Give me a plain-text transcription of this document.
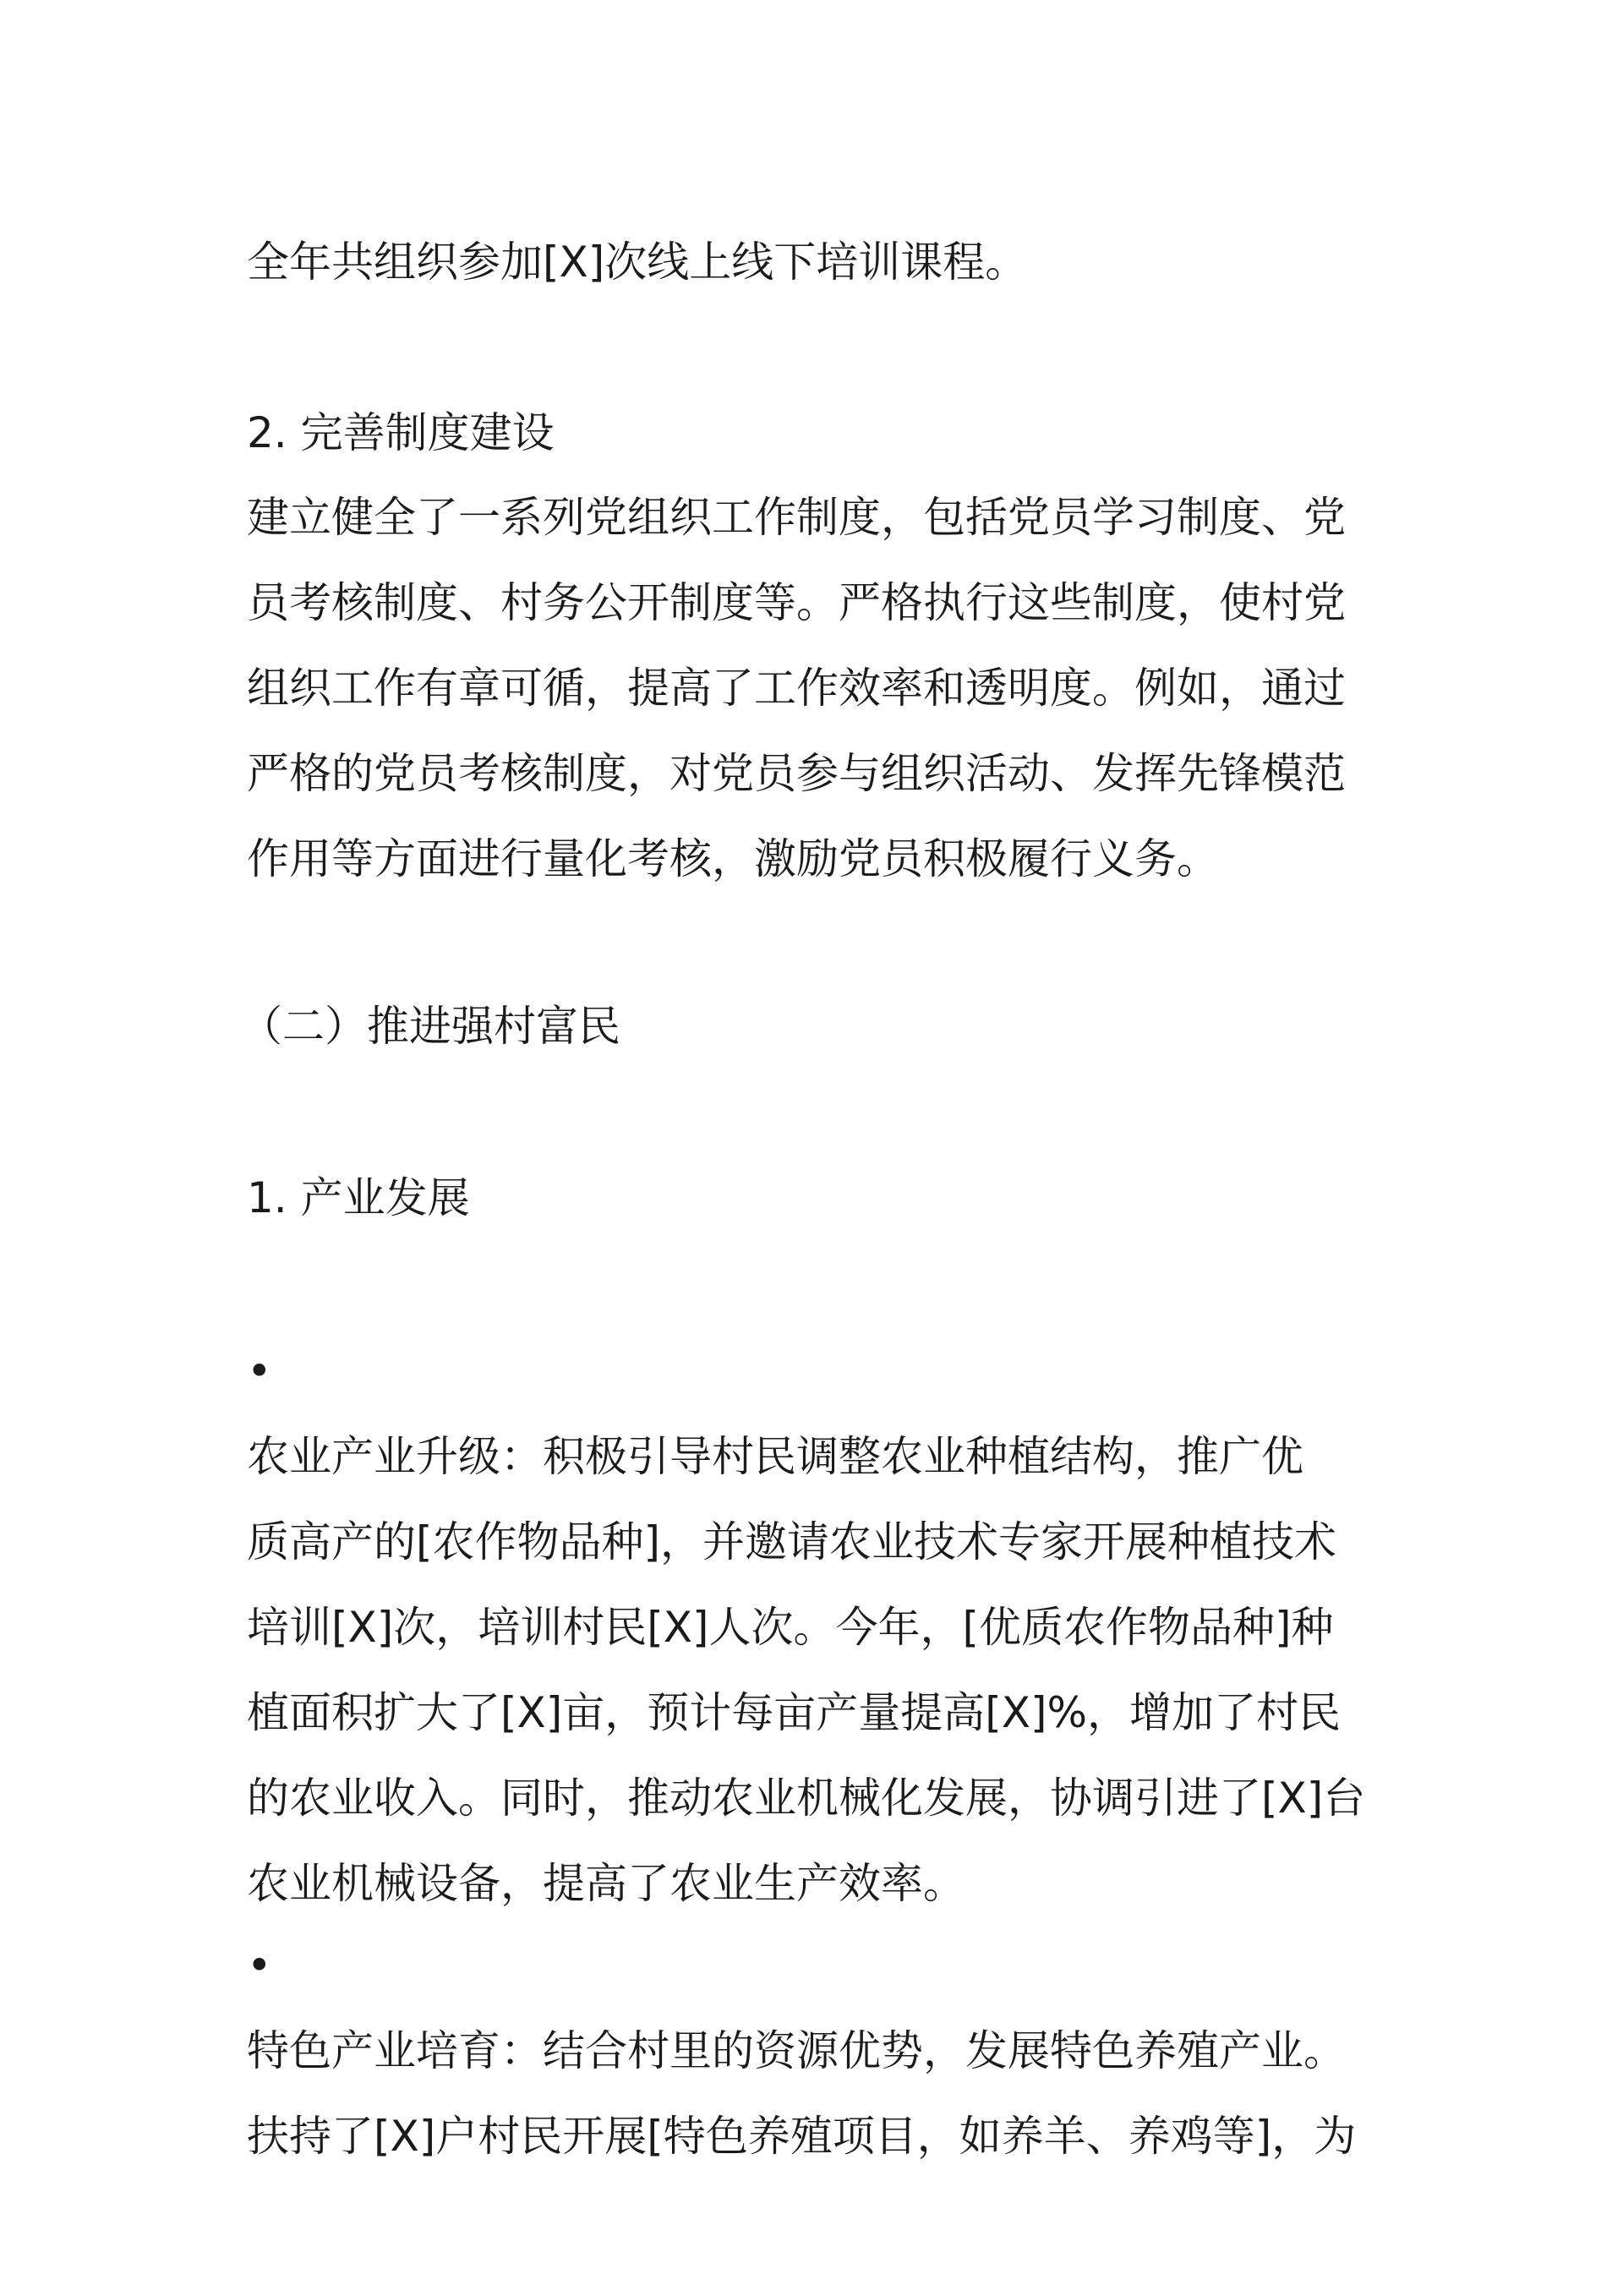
全年共组织参加[X]次线上线下培训课程。

2. 完善制度建设

建立健全了一系列党组织工作制度，包括党员学习制度、党
员考核制度、村务公开制度等。严格执行这些制度，使村党
组织工作有章可循，提高了工作效率和透明度。例如，通过
严格的党员考核制度，对党员参与组织活动、发挥先锋模范
作用等方面进行量化考核，激励党员积极履行义务。

（二）推进强村富民

1. 产业发展

•
农业产业升级：积极引导村民调整农业种植结构，推广优
质高产的[农作物品种]，并邀请农业技术专家开展种植技术
培训[X]次，培训村民[X]人次。今年，[优质农作物品种]种
植面积扩大了[X]亩，预计每亩产量提高[X]%，增加了村民
的农业收入。同时，推动农业机械化发展，协调引进了[X]台
农业机械设备，提高了农业生产效率。
•
特色产业培育：结合村里的资源优势，发展特色养殖产业。
扶持了[X]户村民开展[特色养殖项目，如养羊、养鸡等]，为
